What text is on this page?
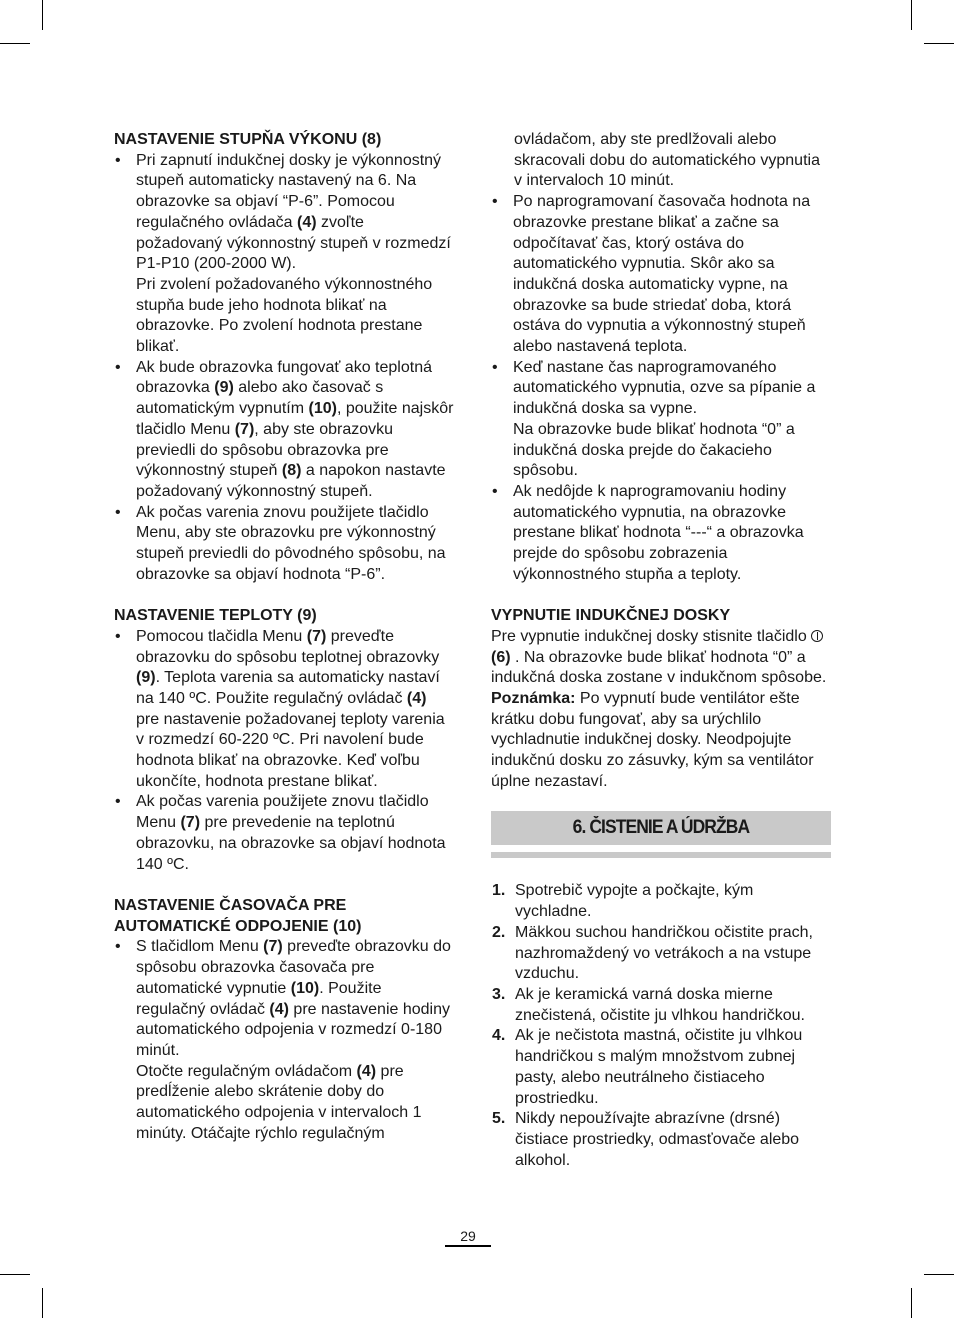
NASTAVENIE STUPŇA VÝKONU (8)

• Pri zapnutí indukčnej dosky je výkonnostný stupeň automaticky nastavený na 6. Na obrazovke sa objaví “P-6”. Pomocou regulačného ovládača (4) zvoľte požadovaný výkonnostný stupeň v rozmedzí P1-P10 (200-2000 W).
Pri zvolení požadovaného výkonnostného stupňa bude jeho hodnota blikať na obrazovke. Po zvolení hodnota prestane blikať.
• Ak bude obrazovka fungovať ako teplotná obrazovka (9) alebo ako časovač s automatickým vypnutím (10), použite najskôr tlačidlo Menu (7), aby ste obrazovku previedli do spôsobu obrazovka pre výkonnostný stupeň (8) a napokon nastavte požadovaný výkonnostný stupeň.
• Ak počas varenia znovu použijete tlačidlo Menu, aby ste obrazovku pre výkonnostný stupeň previedli do pôvodného spôsobu, na obrazovke sa objaví hodnota “P-6”.

NASTAVENIE TEPLOTY (9)

• Pomocou tlačidla Menu (7) preveďte obrazovku do spôsobu teplotnej obrazovky (9). Teplota varenia sa automaticky nastaví na 140 ºC. Použite regulačný ovládač (4) pre nastavenie požadovanej teploty varenia v rozmedzí 60-220 ºC. Pri navolení bude hodnota blikať na obrazovke. Keď voľbu ukončíte, hodnota prestane blikať.
• Ak počas varenia použijete znovu tlačidlo Menu (7) pre prevedenie na teplotnú obrazovku, na obrazovke sa objaví hodnota 140 ºC.

NASTAVENIE ČASOVAČA PRE
AUTOMATICKÉ ODPOJENIE (10)

• S tlačidlom Menu (7) preveďte obrazovku do spôsobu obrazovka časovača pre automatické vypnutie (10). Použite regulačný ovládač (4) pre nastavenie hodiny automatického odpojenia v rozmedzí 0-180 minút.
Otočte regulačným ovládačom (4) pre predĺženie alebo skrátenie doby do automatického odpojenia v intervaloch 1 minúty. Otáčajte rýchlo regulačným

ovládačom, aby ste predlžovali alebo skracovali dobu do automatického vypnutia v intervaloch 10 minút.

• Po naprogramovaní časovača hodnota na obrazovke prestane blikať a začne sa odpočítavať čas, ktorý ostáva do automatického vypnutia. Skôr ako sa indukčná doska automaticky vypne, na obrazovke sa bude striedať doba, ktorá ostáva do vypnutia a výkonnostný stupeň alebo nastavená teplota.
• Keď nastane čas naprogramovaného automatického vypnutia, ozve sa pípanie a indukčná doska sa vypne.
Na obrazovke bude blikať hodnota “0” a indukčná doska prejde do čakacieho spôsobu.
• Ak nedôjde k naprogramovaniu hodiny automatického vypnutia, na obrazovke prestane blikať hodnota “---“ a obrazovka prejde do spôsobu zobrazenia výkonnostného stupňa a teploty.

VYPNUTIE INDUKČNEJ DOSKY

Pre vypnutie indukčnej dosky stisnite tlačidlo  (6) . Na obrazovke bude blikať hodnota “0” a indukčná doska zostane v indukčnom spôsobe.

Poznámka: Po vypnutí bude ventilátor ešte krátku dobu fungovať, aby sa urýchlilo vychladnutie indukčnej dosky. Neodpojujte indukčnú dosku zo zásuvky, kým sa ventilátor úplne nezastaví.

6. ČISTENIE A ÚDRŽBA
1. Spotrebič vypojte a počkajte, kým vychladne.
2. Mäkkou suchou handričkou očistite prach, nazhromaždený vo vetrákoch a na vstupe vzduchu.
3. Ak je keramická varná doska mierne znečistená, očistite ju vlhkou handričkou.
4. Ak je nečistota mastná, očistite ju vlhkou handričkou s malým množstvom zubnej pasty, alebo neutrálneho čistiaceho prostriedku.
5. Nikdy nepoužívajte abrazívne (drsné) čistiace prostriedky, odmasťovače alebo alkohol.
29
